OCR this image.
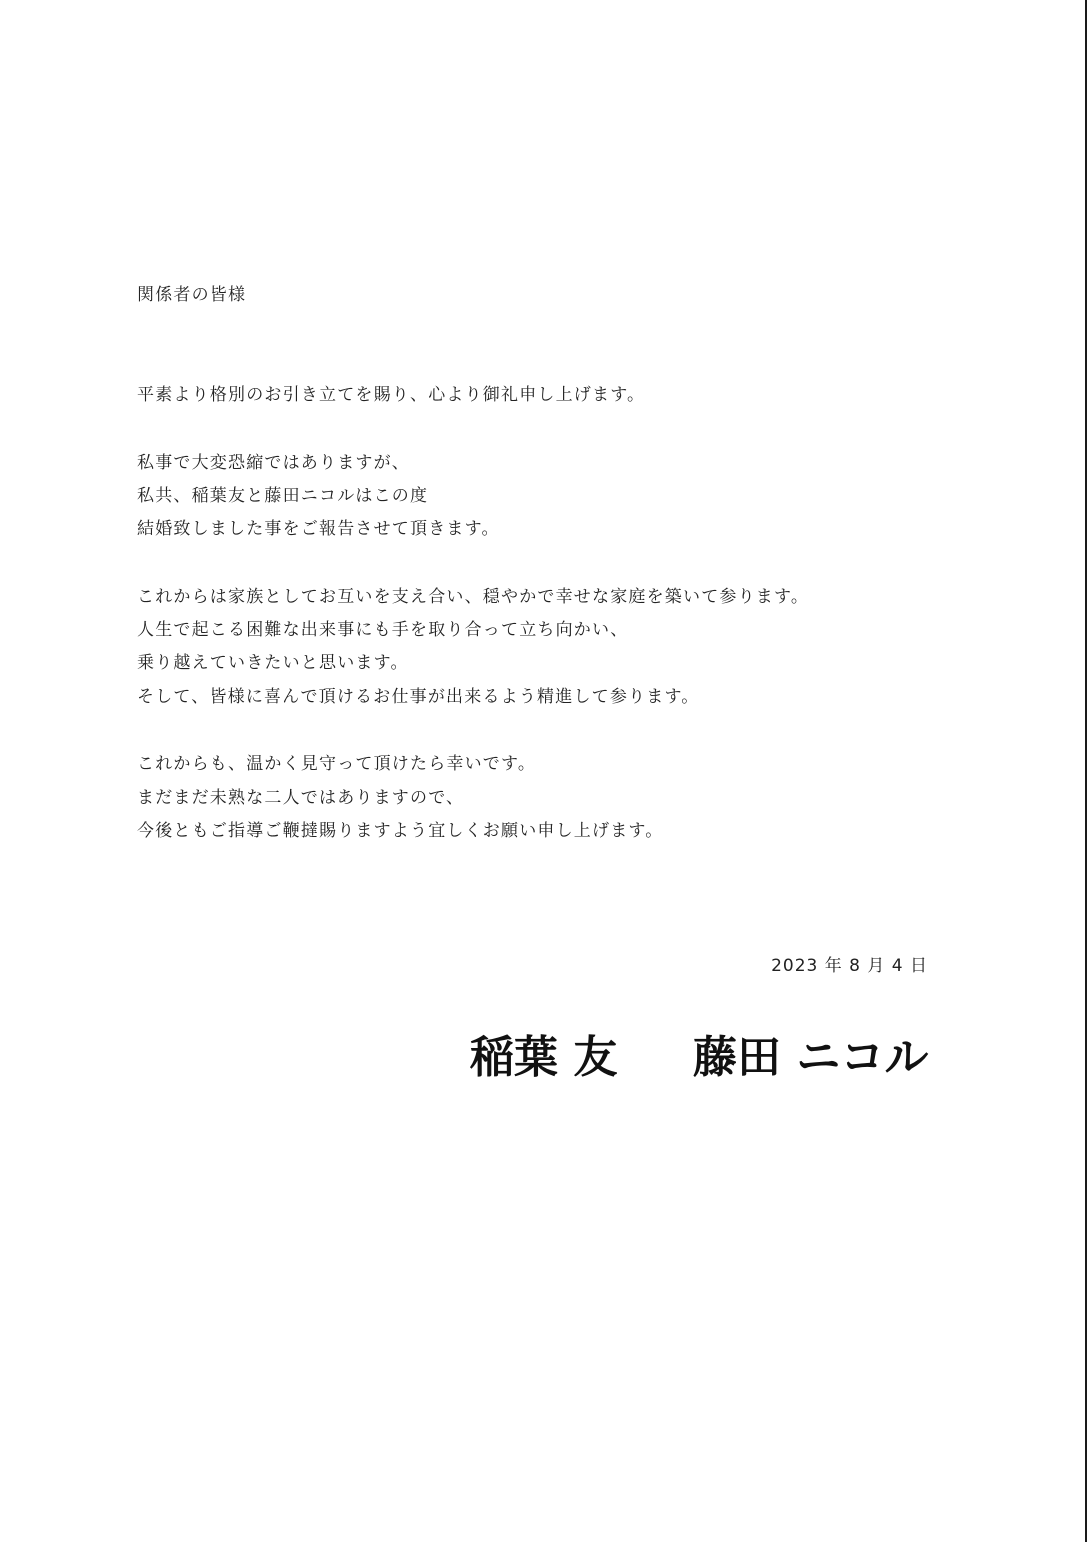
関係者の皆様
平素より格別のお引き立てを賜り、心より御礼申し上げます。
私事で大変恐縮ではありますが、
私共、稲葉友と藤田ニコルはこの度
結婚致しました事をご報告させて頂きます。
これからは家族としてお互いを支え合い、穏やかで幸せな家庭を築いて参ります。
人生で起こる困難な出来事にも手を取り合って立ち向かい、
乗り越えていきたいと思います。
そして、皆様に喜んで頂けるお仕事が出来るよう精進して参ります。
これからも、温かく見守って頂けたら幸いです。
まだまだ未熟な二人ではありますので、
今後ともご指導ご鞭撻賜りますよう宜しくお願い申し上げます。
2023 年 8 月 4 日
稲葉 友 藤田 ニコル
